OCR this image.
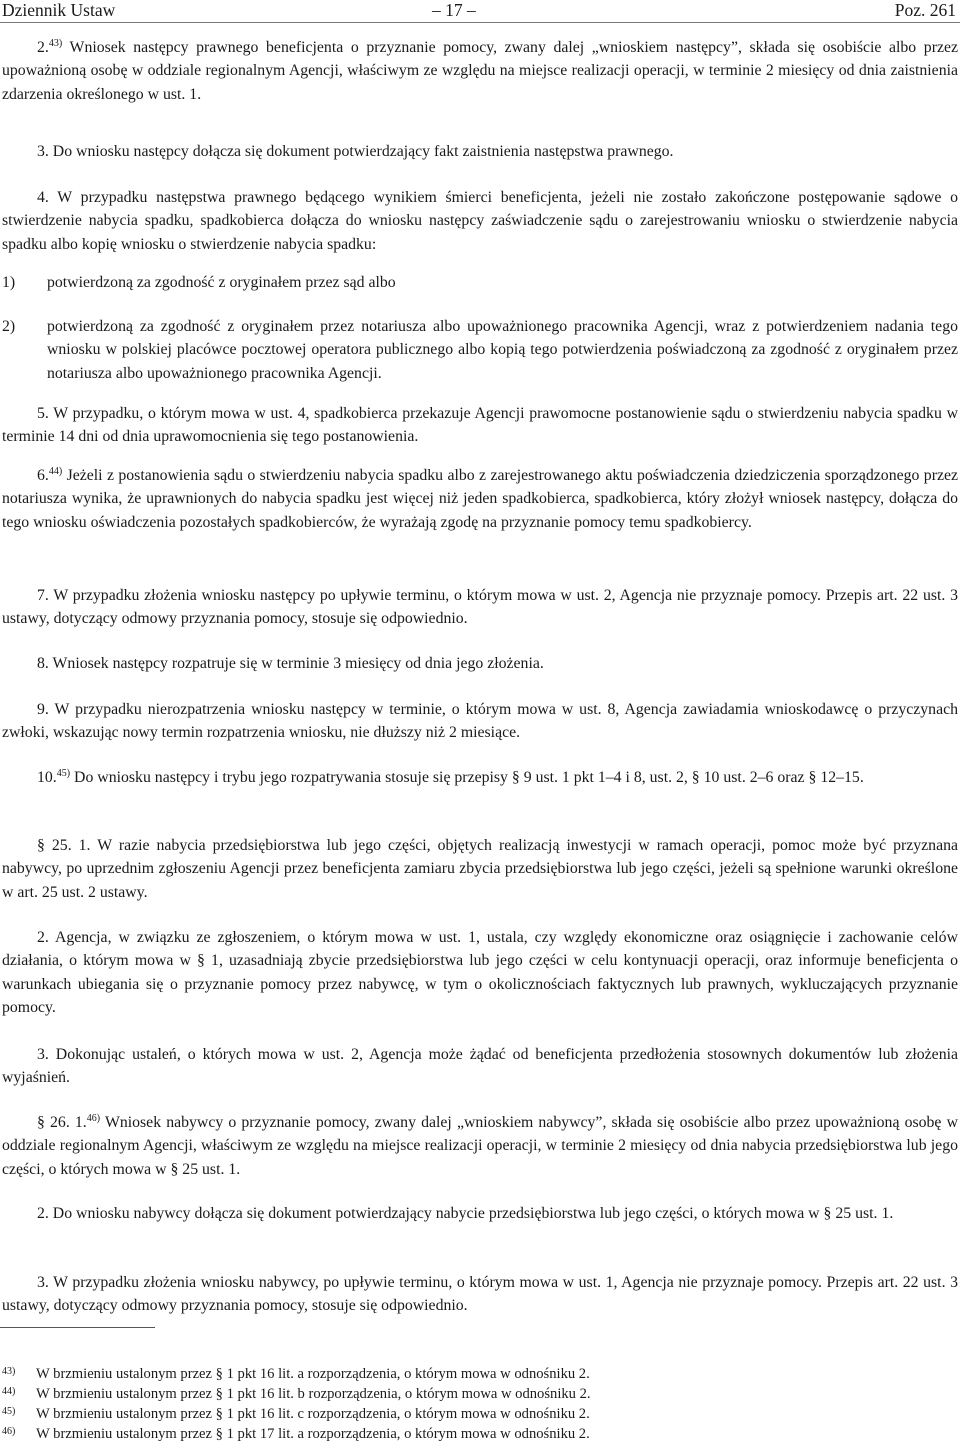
Dziennik Ustaw	– 17 –	Poz. 261

2.$^{43)}$ Wniosek następcy prawnego beneficjenta o przyznanie pomocy, zwany dalej „wnioskiem następcy”, składa się osobiście albo przez upoważnioną osobę w oddziale regionalnym Agencji, właściwym ze względu na miejsce realizacji operacji, w terminie 2 miesięcy od dnia zaistnienia zdarzenia określonego w ust. 1.

3. Do wniosku następcy dołącza się dokument potwierdzający fakt zaistnienia następstwa prawnego.

4. W przypadku następstwa prawnego będącego wynikiem śmierci beneficjenta, jeżeli nie zostało zakończone postępowanie sądowe o stwierdzenie nabycia spadku, spadkobierca dołącza do wniosku następcy zaświadczenie sądu o zarejestrowaniu wniosku o stwierdzenie nabycia spadku albo kopię wniosku o stwierdzenie nabycia spadku:

1) potwierdzoną za zgodność z oryginałem przez sąd albo
2) potwierdzoną za zgodność z oryginałem przez notariusza albo upoważnionego pracownika Agencji, wraz z potwierdzeniem nadania tego wniosku w polskiej placówce pocztowej operatora publicznego albo kopią tego potwierdzenia poświadczoną za zgodność z oryginałem przez notariusza albo upoważnionego pracownika Agencji.

5. W przypadku, o którym mowa w ust. 4, spadkobierca przekazuje Agencji prawomocne postanowienie sądu o stwierdzeniu nabycia spadku w terminie 14 dni od dnia uprawomocnienia się tego postanowienia.

6.$^{44)}$ Jeżeli z postanowienia sądu o stwierdzeniu nabycia spadku albo z zarejestrowanego aktu poświadczenia dziedziczenia sporządzonego przez notariusza wynika, że uprawnionych do nabycia spadku jest więcej niż jeden spadkobierca, spadkobierca, który złożył wniosek następcy, dołącza do tego wniosku oświadczenia pozostałych spadkobierców, że wyrażają zgodę na przyznanie pomocy temu spadkobiercy.

7. W przypadku złożenia wniosku następcy po upływie terminu, o którym mowa w ust. 2, Agencja nie przyznaje pomocy. Przepis art. 22 ust. 3 ustawy, dotyczący odmowy przyznania pomocy, stosuje się odpowiednio.

8. Wniosek następcy rozpatruje się w terminie 3 miesięcy od dnia jego złożenia.

9. W przypadku nierozpatrzenia wniosku następcy w terminie, o którym mowa w ust. 8, Agencja zawiadamia wnioskodawcę o przyczynach zwłoki, wskazując nowy termin rozpatrzenia wniosku, nie dłuższy niż 2 miesiące.

10.$^{45)}$ Do wniosku następcy i trybu jego rozpatrywania stosuje się przepisy § 9 ust. 1 pkt 1–4 i 8, ust. 2, § 10 ust. 2–6 oraz § 12–15.

§ 25. 1. W razie nabycia przedsiębiorstwa lub jego części, objętych realizacją inwestycji w ramach operacji, pomoc może być przyznana nabywcy, po uprzednim zgłoszeniu Agencji przez beneficjenta zamiaru zbycia przedsiębiorstwa lub jego części, jeżeli są spełnione warunki określone w art. 25 ust. 2 ustawy.

2. Agencja, w związku ze zgłoszeniem, o którym mowa w ust. 1, ustala, czy względy ekonomiczne oraz osiągnięcie i zachowanie celów działania, o którym mowa w § 1, uzasadniają zbycie przedsiębiorstwa lub jego części w celu kontynuacji operacji, oraz informuje beneficjenta o warunkach ubiegania się o przyznanie pomocy przez nabywcę, w tym o okolicznościach faktycznych lub prawnych, wykluczających przyznanie pomocy.

3. Dokonując ustaleń, o których mowa w ust. 2, Agencja może żądać od beneficjenta przedłożenia stosownych dokumentów lub złożenia wyjaśnień.

§ 26. 1.$^{46)}$ Wniosek nabywcy o przyznanie pomocy, zwany dalej „wnioskiem nabywcy”, składa się osobiście albo przez upoważnioną osobę w oddziale regionalnym Agencji, właściwym ze względu na miejsce realizacji operacji, w terminie 2 miesięcy od dnia nabycia przedsiębiorstwa lub jego części, o których mowa w § 25 ust. 1.

2. Do wniosku nabywcy dołącza się dokument potwierdzający nabycie przedsiębiorstwa lub jego części, o których mowa w § 25 ust. 1.

3. W przypadku złożenia wniosku nabywcy, po upływie terminu, o którym mowa w ust. 1, Agencja nie przyznaje pomocy. Przepis art. 22 ust. 3 ustawy, dotyczący odmowy przyznania pomocy, stosuje się odpowiednio.

43) W brzmieniu ustalonym przez § 1 pkt 16 lit. a rozporządzenia, o którym mowa w odnośniku 2.
44) W brzmieniu ustalonym przez § 1 pkt 16 lit. b rozporządzenia, o którym mowa w odnośniku 2.
45) W brzmieniu ustalonym przez § 1 pkt 16 lit. c rozporządzenia, o którym mowa w odnośniku 2.
46) W brzmieniu ustalonym przez § 1 pkt 17 lit. a rozporządzenia, o którym mowa w odnośniku 2.
